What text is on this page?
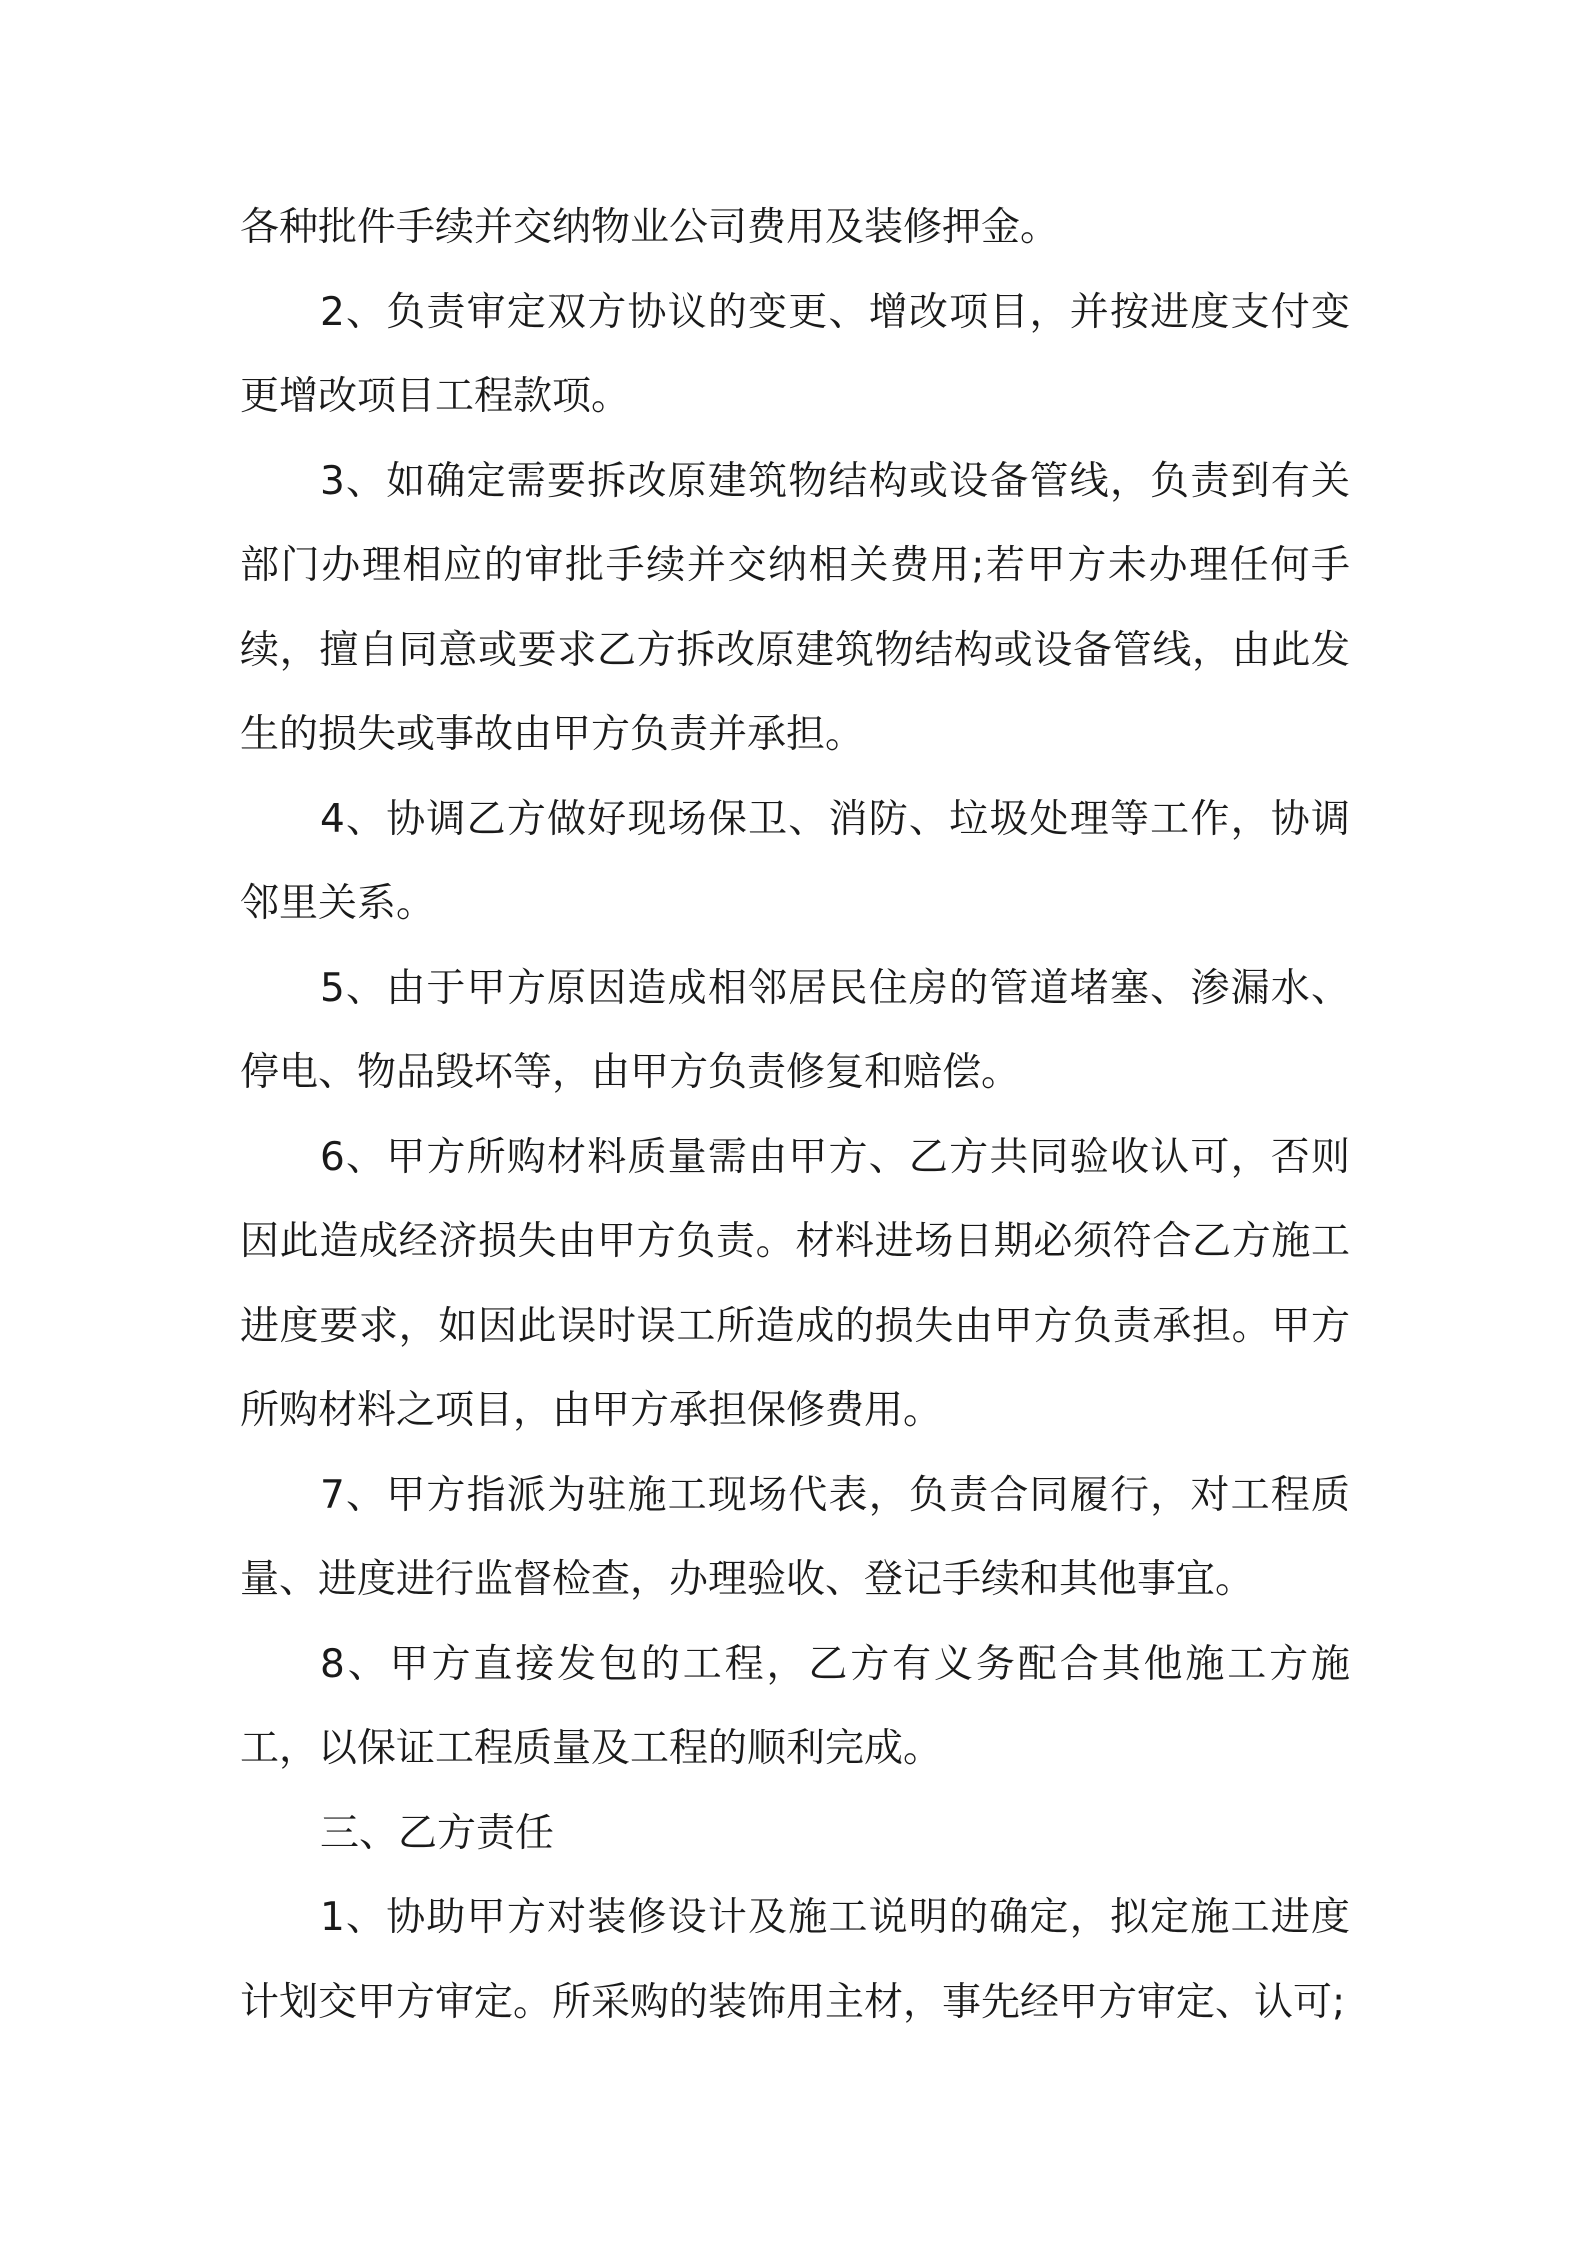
各种批件手续并交纳物业公司费用及装修押金。

2、负责审定双方协议的变更、增改项目，并按进度支付变更增改项目工程款项。

3、如确定需要拆改原建筑物结构或设备管线，负责到有关部门办理相应的审批手续并交纳相关费用;若甲方未办理任何手续，擅自同意或要求乙方拆改原建筑物结构或设备管线，由此发生的损失或事故由甲方负责并承担。

4、协调乙方做好现场保卫、消防、垃圾处理等工作，协调邻里关系。

5、由于甲方原因造成相邻居民住房的管道堵塞、渗漏水、停电、物品毁坏等，由甲方负责修复和赔偿。

6、甲方所购材料质量需由甲方、乙方共同验收认可，否则因此造成经济损失由甲方负责。材料进场日期必须符合乙方施工进度要求，如因此误时误工所造成的损失由甲方负责承担。甲方所购材料之项目，由甲方承担保修费用。

7、甲方指派为驻施工现场代表，负责合同履行，对工程质量、进度进行监督检查，办理验收、登记手续和其他事宜。

8、甲方直接发包的工程，乙方有义务配合其他施工方施工，以保证工程质量及工程的顺利完成。

三、乙方责任

1、协助甲方对装修设计及施工说明的确定，拟定施工进度计划交甲方审定。所采购的装饰用主材，事先经甲方审定、认可;
